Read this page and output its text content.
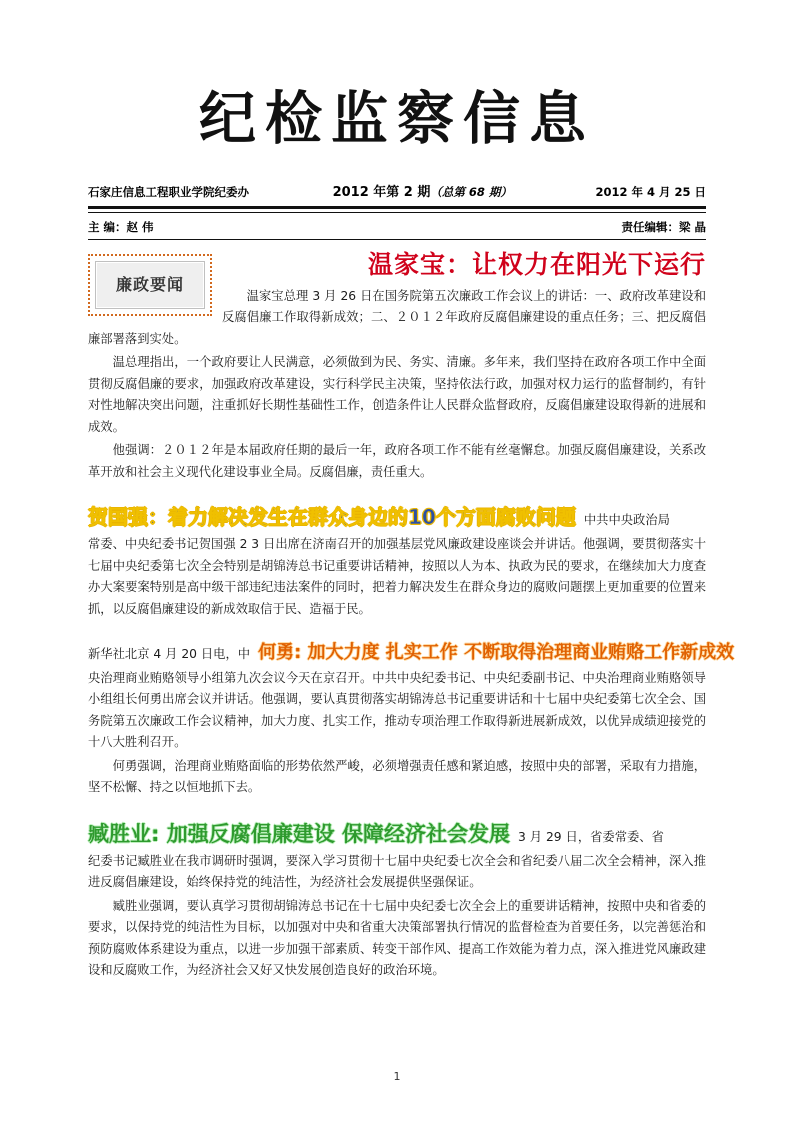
纪检监察信息
石家庄信息工程职业学院纪委办	2012 年第 2 期（总第 68 期）	2012 年 4 月 25 日
主 编：赵 伟	责任编辑：梁 晶
廉政要闻
温家宝：让权力在阳光下运行

温家宝总理 3 月 26 日在国务院第五次廉政工作会议上的讲话：一、政府改革建设和反腐倡廉工作取得新成效；二、２０１２年政府反腐倡廉建设的重点任务；三、把反腐倡廉部署落到实处。

温总理指出，一个政府要让人民满意，必须做到为民、务实、清廉。多年来，我们坚持在政府各项工作中全面贯彻反腐倡廉的要求，加强政府改革建设，实行科学民主决策，坚持依法行政，加强对权力运行的监督制约，有针对性地解决突出问题，注重抓好长期性基础性工作，创造条件让人民群众监督政府，反腐倡廉建设取得新的进展和成效。

他强调：２０１２年是本届政府任期的最后一年，政府各项工作不能有丝毫懈怠。加强反腐倡廉建设，关系改革开放和社会主义现代化建设事业全局。反腐倡廉，责任重大。

贺国强：着力解决发生在群众身边的10个方面腐败问题 中共中央政治局

常委、中央纪委书记贺国强 2 3 日出席在济南召开的加强基层党风廉政建设座谈会并讲话。他强调，要贯彻落实十七届中央纪委第七次全会特别是胡锦涛总书记重要讲话精神，按照以人为本、执政为民的要求，在继续加大力度查办大案要案特别是高中级干部违纪违法案件的同时，把着力解决发生在群众身边的腐败问题摆上更加重要的位置来抓，以反腐倡廉建设的新成效取信于民、造福于民。

新华社北京 4 月 20 日电，中 何勇: 加大力度 扎实工作 不断取得治理商业贿赂工作新成效

央治理商业贿赂领导小组第九次会议今天在京召开。中共中央纪委书记、中央纪委副书记、中央治理商业贿赂领导小组组长何勇出席会议并讲话。他强调，要认真贯彻落实胡锦涛总书记重要讲话和十七届中央纪委第七次全会、国务院第五次廉政工作会议精神，加大力度、扎实工作，推动专项治理工作取得新进展新成效，以优异成绩迎接党的十八大胜利召开。

何勇强调，治理商业贿赂面临的形势依然严峻，必须增强责任感和紧迫感，按照中央的部署，采取有力措施，坚不松懈、持之以恒地抓下去。

臧胜业: 加强反腐倡廉建设 保障经济社会发展 3 月 29 日，省委常委、省

纪委书记臧胜业在我市调研时强调，要深入学习贯彻十七届中央纪委七次全会和省纪委八届二次全会精神，深入推进反腐倡廉建设，始终保持党的纯洁性，为经济社会发展提供坚强保证。

臧胜业强调，要认真学习贯彻胡锦涛总书记在十七届中央纪委七次全会上的重要讲话精神，按照中央和省委的要求，以保持党的纯洁性为目标，以加强对中央和省重大决策部署执行情况的监督检查为首要任务，以完善惩治和预防腐败体系建设为重点，以进一步加强干部素质、转变干部作风、提高工作效能为着力点，深入推进党风廉政建设和反腐败工作，为经济社会又好又快发展创造良好的政治环境。

1
